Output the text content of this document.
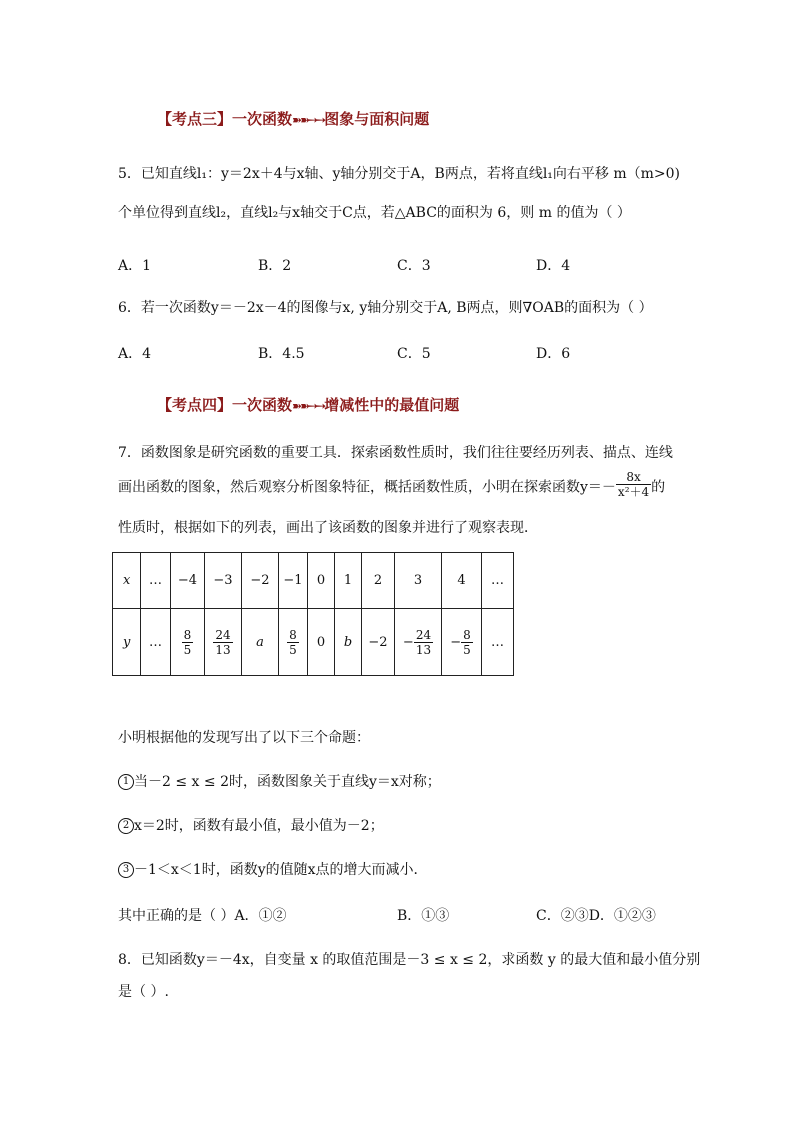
【考点三】一次函数➽➽➙➙图象与面积问题
5．已知直线l₁：y＝2x＋4与x轴、y轴分别交于A，B两点，若将直线l₁向右平移 m（m>0)
个单位得到直线l₂，直线l₂与x轴交于C点，若△ABC的面积为 6，则 m 的值为（ ）
A．1	B．2	C．3	D．4
6．若一次函数y＝－2x－4的图像与x, y轴分别交于A, B两点，则∇OAB的面积为（ ）
A．4	B．4.5	C．5	D．6
【考点四】一次函数➽➽➙➙增减性中的最值问题
7．函数图象是研究函数的重要工具．探索函数性质时，我们往往要经历列表、描点、连线
画出函数的图象，然后观察分析图象特征，概括函数性质，小明在探索函数$y=- \frac{8x}{\text{x²＋4}}$ 的
性质时，根据如下的列表，画出了该函数的图象并进行了观察表现．
x	…	−4	−3	−2	−1	0	1	2	3	4	…
y	…	$\frac{8}{5}$	$\frac{24}{13}$	a	$\frac{8}{5}$	0	b	−2	− $\frac{24}{13}$	− $\frac{8}{5}$	…
小明根据他的发现写出了以下三个命题：
1 当－2 ≤ x ≤ 2时，函数图象关于直线y＝x对称；
2 x＝2时，函数有最小值，最小值为－2；
3 －1＜x＜1时，函数y的值随x点的增大而减小．
其中正确的是（ ）A．①②	B．①③	C．②③D．①②③
8．已知函数y＝－4x，自变量 x 的取值范围是－3 ≤ x ≤ 2，求函数 y 的最大值和最小值分别
是（ ）.
